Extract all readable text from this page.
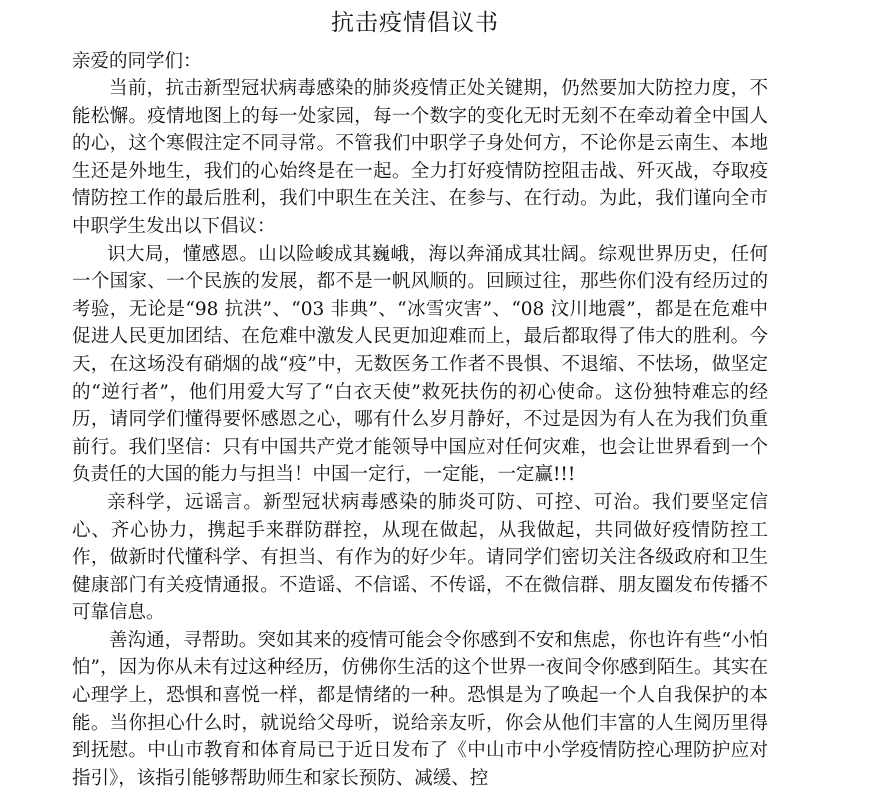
抗击疫情倡议书

亲爱的同学们：

当前，抗击新型冠状病毒感染的肺炎疫情正处关键期，仍然要加大防控力度，不能松懈。疫情地图上的每一处家园，每一个数字的变化无时无刻不在牵动着全中国人的心，这个寒假注定不同寻常。不管我们中职学子身处何方，不论你是云南生、本地生还是外地生，我们的心始终是在一起。全力打好疫情防控阻击战、歼灭战，夺取疫情防控工作的最后胜利，我们中职生在关注、在参与、在行动。为此，我们谨向全市中职学生发出以下倡议：

识大局，懂感恩。山以险峻成其巍峨，海以奔涌成其壮阔。综观世界历史，任何一个国家、一个民族的发展，都不是一帆风顺的。回顾过往，那些你们没有经历过的考验，无论是“98 抗洪”、“03 非典”、“冰雪灾害”、“08 汶川地震”，都是在危难中促进人民更加团结、在危难中激发人民更加迎难而上，最后都取得了伟大的胜利。今天，在这场没有硝烟的战“疫”中，无数医务工作者不畏惧、不退缩、不怯场，做坚定的“逆行者”，他们用爱大写了“白衣天使”救死扶伤的初心使命。这份独特难忘的经历，请同学们懂得要怀感恩之心，哪有什么岁月静好，不过是因为有人在为我们负重前行。我们坚信：只有中国共产党才能领导中国应对任何灾难，也会让世界看到一个负责任的大国的能力与担当！中国一定行，一定能，一定赢!!!

亲科学，远谣言。新型冠状病毒感染的肺炎可防、可控、可治。我们要坚定信心、齐心协力，携起手来群防群控，从现在做起，从我做起，共同做好疫情防控工作，做新时代懂科学、有担当、有作为的好少年。请同学们密切关注各级政府和卫生健康部门有关疫情通报。不造谣、不信谣、不传谣，不在微信群、朋友圈发布传播不可靠信息。

善沟通，寻帮助。突如其来的疫情可能会令你感到不安和焦虑，你也许有些“小怕怕”，因为你从未有过这种经历，仿佛你生活的这个世界一夜间令你感到陌生。其实在心理学上，恐惧和喜悦一样，都是情绪的一种。恐惧是为了唤起一个人自我保护的本能。当你担心什么时，就说给父母听，说给亲友听，你会从他们丰富的人生阅历里得到抚慰。中山市教育和体育局已于近日发布了《中山市中小学疫情防控心理防护应对指引》，该指引能够帮助师生和家长预防、减缓、控
